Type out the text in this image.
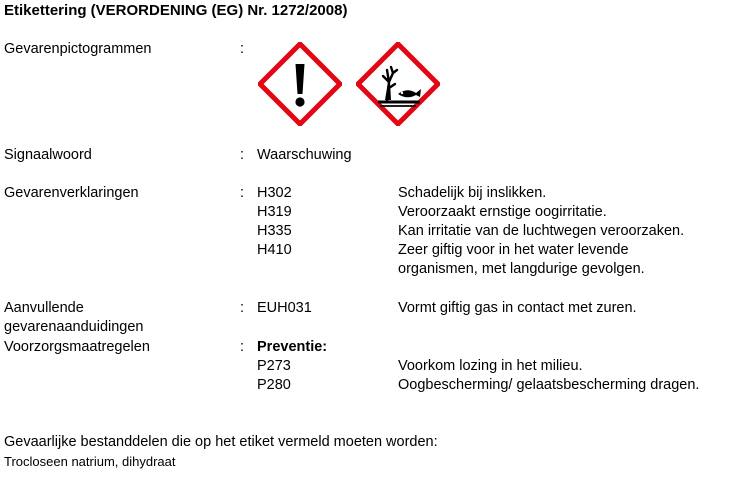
Etikettering (VERORDENING (EG) Nr. 1272/2008)
Gevarenpictogrammen	:
Signaalwoord	: Waarschuwing
Gevarenverklaringen	: H302	Schadelijk bij inslikken.
H319	Veroorzaakt ernstige oogirritatie.
H335	Kan irritatie van de luchtwegen veroorzaken.
H410	Zeer giftig voor in het water levende
organismen, met langdurige gevolgen.
Aanvullende
gevarenaanduidingen
: EUH031	Vormt giftig gas in contact met zuren.
Voorzorgsmaatregelen	: Preventie:
P273	Voorkom lozing in het milieu.
P280	Oogbescherming/ gelaatsbescherming dragen.
Gevaarlijke bestanddelen die op het etiket vermeld moeten worden:
Trocloseen natrium, dihydraat
